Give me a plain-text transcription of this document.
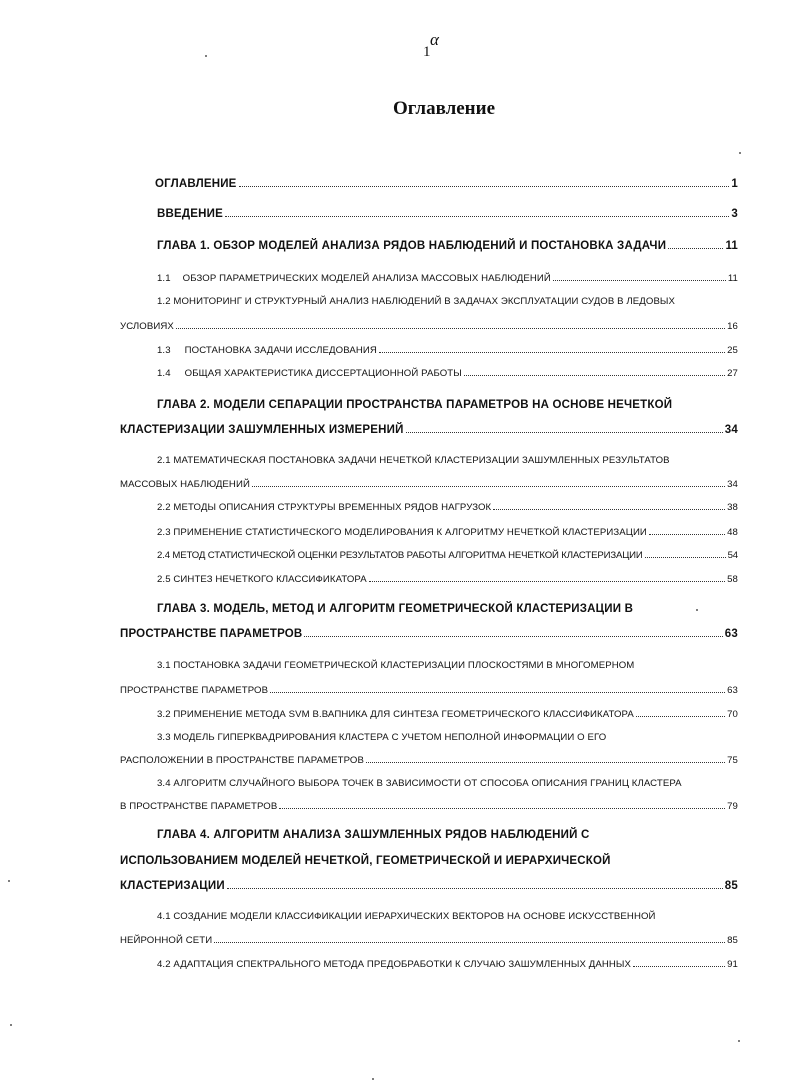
α
1
Оглавление
ОГЛАВЛЕНИЕ	1
ВВЕДЕНИЕ	3
ГЛАВА 1. ОБЗОР МОДЕЛЕЙ АНАЛИЗА РЯДОВ НАБЛЮДЕНИЙ И ПОСТАНОВКА ЗАДАЧИ	11
1.1 ОБЗОР ПАРАМЕТРИЧЕСКИХ МОДЕЛЕЙ АНАЛИЗА МАССОВЫХ НАБЛЮДЕНИЙ	11
1.2 МОНИТОРИНГ И СТРУКТУРНЫЙ АНАЛИЗ НАБЛЮДЕНИЙ В ЗАДАЧАХ ЭКСПЛУАТАЦИИ СУДОВ В ЛЕДОВЫХ
УСЛОВИЯХ	16
1.3 ПОСТАНОВКА ЗАДАЧИ ИССЛЕДОВАНИЯ	25
1.4 ОБЩАЯ ХАРАКТЕРИСТИКА ДИССЕРТАЦИОННОЙ РАБОТЫ	27
ГЛАВА 2. МОДЕЛИ СЕПАРАЦИИ ПРОСТРАНСТВА ПАРАМЕТРОВ НА ОСНОВЕ НЕЧЕТКОЙ
КЛАСТЕРИЗАЦИИ ЗАШУМЛЕННЫХ ИЗМЕРЕНИЙ	34
2.1 МАТЕМАТИЧЕСКАЯ ПОСТАНОВКА ЗАДАЧИ НЕЧЕТКОЙ КЛАСТЕРИЗАЦИИ ЗАШУМЛЕННЫХ РЕЗУЛЬТАТОВ
МАССОВЫХ НАБЛЮДЕНИЙ	34
2.2 МЕТОДЫ ОПИСАНИЯ СТРУКТУРЫ ВРЕМЕННЫХ РЯДОВ НАГРУЗОК	38
2.3 ПРИМЕНЕНИЕ СТАТИСТИЧЕСКОГО МОДЕЛИРОВАНИЯ К АЛГОРИТМУ НЕЧЕТКОЙ КЛАСТЕРИЗАЦИИ	48
2.4 МЕТОД СТАТИСТИЧЕСКОЙ ОЦЕНКИ РЕЗУЛЬТАТОВ РАБОТЫ АЛГОРИТМА НЕЧЕТКОЙ КЛАСТЕРИЗАЦИИ	54
2.5 СИНТЕЗ НЕЧЕТКОГО КЛАССИФИКАТОРА	58
ГЛАВА 3. МОДЕЛЬ, МЕТОД И АЛГОРИТМ ГЕОМЕТРИЧЕСКОЙ КЛАСТЕРИЗАЦИИ В
ПРОСТРАНСТВЕ ПАРАМЕТРОВ	63
3.1 ПОСТАНОВКА ЗАДАЧИ ГЕОМЕТРИЧЕСКОЙ КЛАСТЕРИЗАЦИИ ПЛОСКОСТЯМИ В МНОГОМЕРНОМ
ПРОСТРАНСТВЕ ПАРАМЕТРОВ	63
3.2 ПРИМЕНЕНИЕ МЕТОДА SVM В.ВАПНИКА ДЛЯ СИНТЕЗА ГЕОМЕТРИЧЕСКОГО КЛАССИФИКАТОРА	70
3.3 МОДЕЛЬ ГИПЕРКВАДРИРОВАНИЯ КЛАСТЕРА С УЧЕТОМ НЕПОЛНОЙ ИНФОРМАЦИИ О ЕГО
РАСПОЛОЖЕНИИ В ПРОСТРАНСТВЕ ПАРАМЕТРОВ	75
3.4 АЛГОРИТМ СЛУЧАЙНОГО ВЫБОРА ТОЧЕК В ЗАВИСИМОСТИ ОТ СПОСОБА ОПИСАНИЯ ГРАНИЦ КЛАСТЕРА
В ПРОСТРАНСТВЕ ПАРАМЕТРОВ	79
ГЛАВА 4. АЛГОРИТМ АНАЛИЗА ЗАШУМЛЕННЫХ РЯДОВ НАБЛЮДЕНИЙ С
ИСПОЛЬЗОВАНИЕМ МОДЕЛЕЙ НЕЧЕТКОЙ, ГЕОМЕТРИЧЕСКОЙ И ИЕРАРХИЧЕСКОЙ
КЛАСТЕРИЗАЦИИ	85
4.1 СОЗДАНИЕ МОДЕЛИ КЛАССИФИКАЦИИ ИЕРАРХИЧЕСКИХ ВЕКТОРОВ НА ОСНОВЕ ИСКУССТВЕННОЙ
НЕЙРОННОЙ СЕТИ	85
4.2 АДАПТАЦИЯ СПЕКТРАЛЬНОГО МЕТОДА ПРЕДОБРАБОТКИ К СЛУЧАЮ ЗАШУМЛЕННЫХ ДАННЫХ	91
